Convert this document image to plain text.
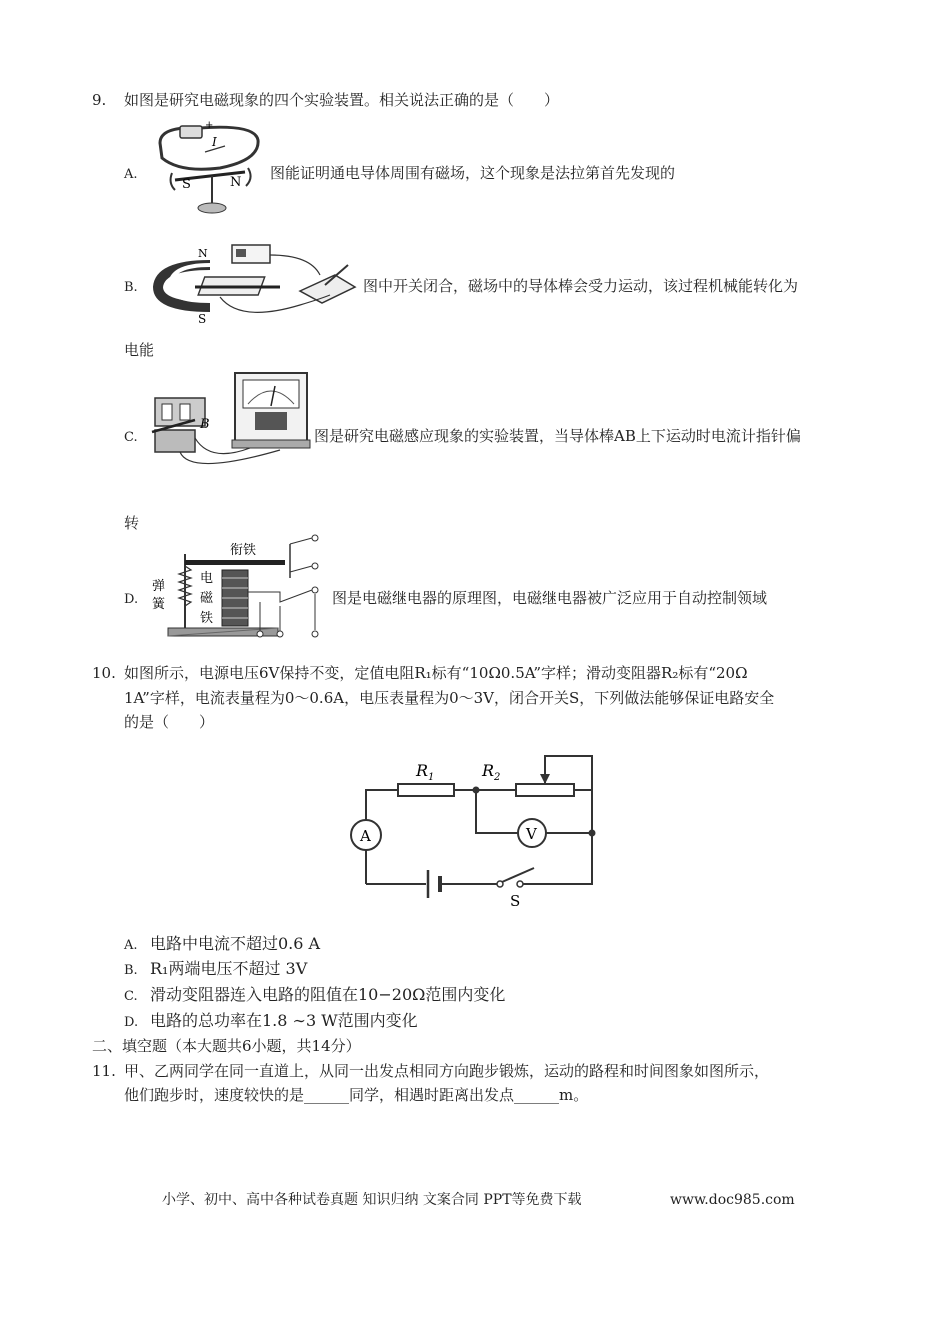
9. 如图是研究电磁现象的四个实验装置。相关说法正确的是（　　）
+
I
S	N
A.	图能证明通电导体周围有磁场，这个现象是法拉第首先发现的
N
S
B.	图中开关闭合，磁场中的导体棒会受力运动，该过程机械能转化为
电能
B
C.	图是研究电磁感应现象的实验装置，当导体棒AB上下运动时电流计指针偏
转
弹
簧
衔铁
电
磁
铁
D.	图是电磁继电器的原理图，电磁继电器被广泛应用于自动控制领域
10. 如图所示，电源电压6V保持不变，定值电阻R₁标有“10Ω0.5A”字样；滑动变阻器R₂标有“20Ω
1A”字样，电流表量程为0～0.6A，电压表量程为0～3V，闭合开关S，下列做法能够保证电路安全
的是（　　）
A	V
S
$R_1$	$R_2$
A. 电路中电流不超过0.6 A
B. R₁两端电压不超过 3V
C. 滑动变阻器连入电路的阻值在10−20Ω范围内变化
D. 电路的总功率在1.8 ∼3 W范围内变化
二、填空题（本大题共6小题，共14分）
11. 甲、乙两同学在同一直道上，从同一出发点相同方向跑步锻炼，运动的路程和时间图象如图所示，
他们跑步时，速度较快的是______同学，相遇时距离出发点______m。
小学、初中、高中各种试卷真题 知识归纳 文案合同 PPT等免费下载	www.doc985.com
